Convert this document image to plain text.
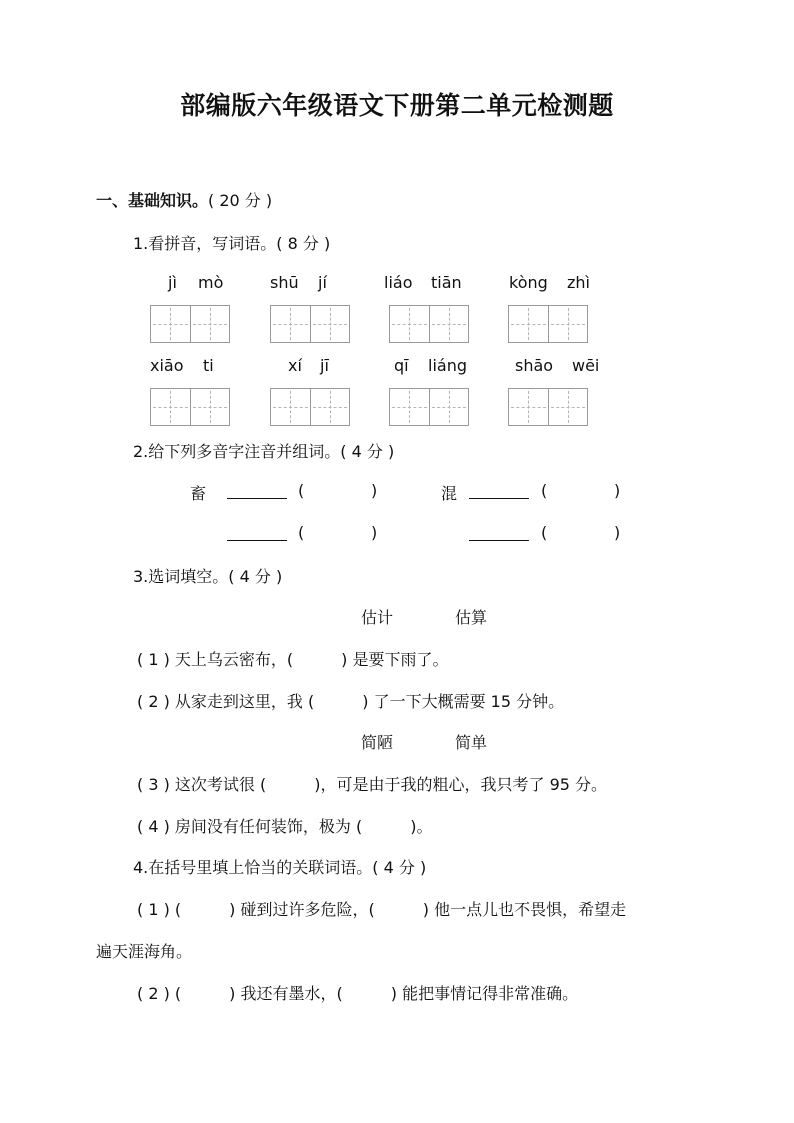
部编版六年级语文下册第二单元检测题
一、基础知识。( 20 分 )
1.看拼音，写词语。( 8 分 )
jì mò	shū jí	liáo tiān	kòng zhì
xiāo ti	xí jī	qī liáng	shāo wēi
2.给下列多音字注音并组词。( 4 分 )
畜	(	)	混	(	)
(	)	(	)
3.选词填空。( 4 分 )
估计	估算
( 1 ) 天上乌云密布，(　　　) 是要下雨了。
( 2 ) 从家走到这里，我 (　　　) 了一下大概需要 15 分钟。
简陋	简单
( 3 ) 这次考试很 (　　　)，可是由于我的粗心，我只考了 95 分。
( 4 ) 房间没有任何装饰，极为 (　　　)。
4.在括号里填上恰当的关联词语。( 4 分 )
( 1 ) (　　　) 碰到过许多危险，(　　　) 他一点儿也不畏惧，希望走
遍天涯海角。
( 2 ) (　　　) 我还有墨水，(　　　) 能把事情记得非常准确。
